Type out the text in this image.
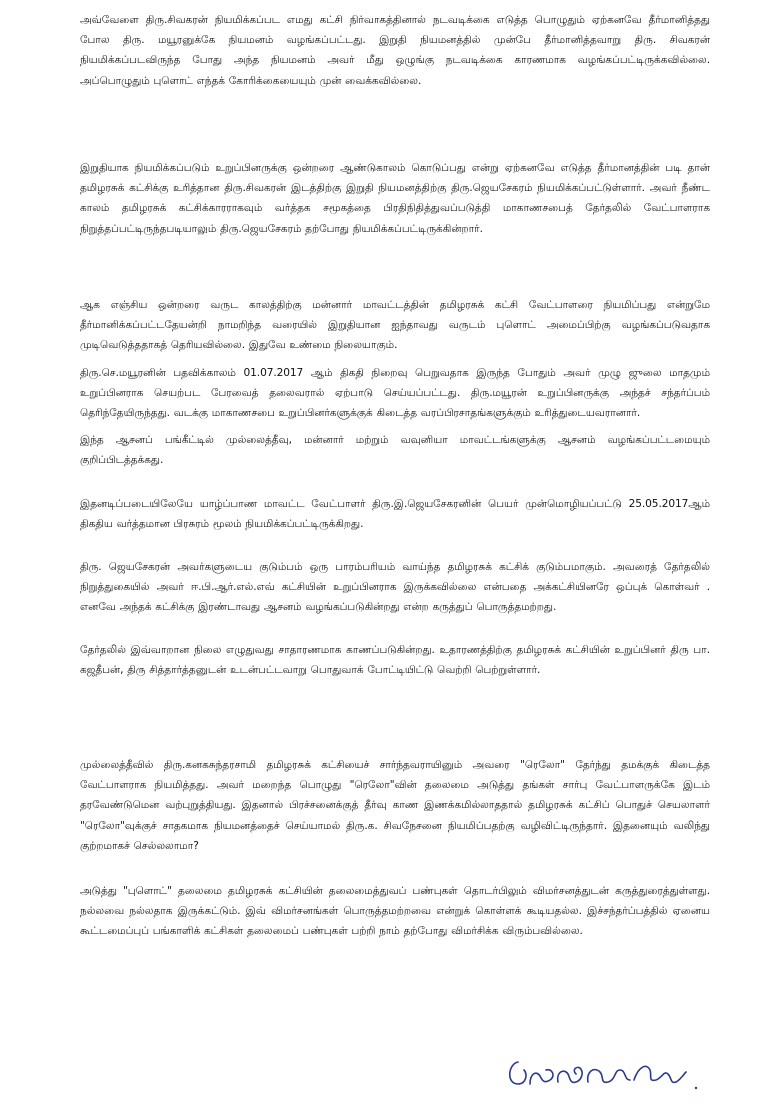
அவ்வேளை திரு.சிவகரன் நியமிக்கப்பட எமது கட்சி நிர்வாகத்தினால் நடவடிக்கை எடுத்த பொழுதும் ஏற்கனவே தீர்மானித்தது போல திரு. மயூரனுக்கே நியமனம் வழங்கப்பட்டது. இறுதி நியமனத்தில் முன்பே தீர்மானித்தவாறு திரு. சிவகரன் நியமிக்கப்படவிருந்த போது அந்த நியமனம் அவர் மீது ஒழுங்கு நடவடிக்கை காரணமாக வழங்கப்பட்டிருக்கவில்லை. அப்பொழுதும் புளொட் எந்தக் கோரிக்கையையும் முன் வைக்கவில்லை.

இறுதியாக நியமிக்கப்படும் உறுப்பினருக்கு ஒன்றரை ஆண்டுகாலம் கொடுப்பது என்று ஏற்கனவே எடுத்த தீர்மானத்தின் படி தான் தமிழரசுக் கட்சிக்கு உரித்தான திரு.சிவகரன் இடத்திற்கு இறுதி நியமனத்திற்கு திரு.ஜெயசேகரம் நியமிக்கப்பட்டுள்ளார். அவர் நீண்ட காலம் தமிழரசுக் கட்சிக்காரராகவும் வர்த்தக சமூகத்தை பிரதிநிதித்துவப்படுத்தி மாகாணசபைத் தேர்தலில் வேட்பாளராக நிறுத்தப்பட்டிருந்தபடியாலும் திரு.ஜெயசேகரம் தற்போது நியமிக்கப்பட்டிருக்கின்றார்.

ஆக எஞ்சிய ஒன்றரை வருட காலத்திற்கு மன்னார் மாவட்டத்தின் தமிழரசுக் கட்சி வேட்பாளரை நியமிப்பது என்றுமே தீர்மானிக்கப்பட்டதேயன்றி நாமறிந்த வரையில் இறுதியான ஐந்தாவது வருடம் புளொட் அமைப்பிற்கு வழங்கப்படுவதாக முடிவெடுத்ததாகத் தெரியவில்லை. இதுவே உண்மை நிலையாகும்.

திரு.செ.மயூரனின் பதவிக்காலம் 01.07.2017 ஆம் திகதி நிறைவு பெறுவதாக இருந்த போதும் அவர் முழு ஜுலை மாதமும் உறுப்பினராக செயற்பட பேரவைத் தலைவரால் ஏற்பாடு செய்யப்பட்டது. திரு.மயூரன் உறுப்பினருக்கு அந்தச் சந்தர்ப்பம் தெரிந்தேயிருந்தது. வடக்கு மாகாணசபை உறுப்பினர்களுக்குக் கிடைத்த வரப்பிரசாதங்களுக்கும் உரித்துடையவரானார்.

இந்த ஆசனப் பங்கீட்டில் முல்லைத்தீவு, மன்னார் மற்றும் வவுனியா மாவட்டங்களுக்கு ஆசனம் வழங்கப்பட்டமையும் குறிப்பிடத்தக்கது.

இதனடிப்படையிலேயே யாழ்ப்பாண மாவட்ட வேட்பாளர் திரு.இ.ஜெயசேகரனின் பெயர் முன்மொழியப்பட்டு 25.05.2017ஆம் திகதிய வர்த்தமான பிரசுரம் மூலம் நியமிக்கப்பட்டிருக்கிறது.

திரு. ஜெயசேகரன் அவர்களுடைய குடும்பம் ஒரு பாரம்பரியம் வாய்ந்த தமிழரசுக் கட்சிக் குடும்பமாகும். அவரைத் தேர்தலில் நிறுத்துகையில் அவர் ஈ.பி.ஆர்.எல்.எவ் கட்சியின் உறுப்பினராக இருக்கவில்லை என்பதை அக்கட்சியினரே ஒப்புக் கொள்வர் . எனவே அந்தக் கட்சிக்கு இரண்டாவது ஆசனம் வழங்கப்படுகின்றது என்ற கருத்துப் பொருத்தமற்றது.

தேர்தலில் இவ்வாறான நிலை எழுதுவது சாதாரணமாக காணப்படுகின்றது. உதாரணத்திற்கு தமிழரசுக் கட்சியின் உறுப்பினர் திரு பா. கஜதீபன், திரு சித்தார்த்தனுடன் உடன்பட்டவாறு பொதுவாக் போட்டியிட்டு வெற்றி பெற்றுள்ளார்.

முல்லைத்தீவில் திரு.கனகசுந்தரசாமி தமிழரசுக் கட்சியைச் சார்ந்தவராயினும் அவரை "ரெலோ" தேர்ந்து தமக்குக் கிடைத்த வேட்பாளராக நியமித்தது. அவர் மறைந்த பொழுது "ரெலோ"வின் தலைமை அடுத்து தங்கள் சார்பு வேட்பாளருக்கே இடம் தரவேண்டுமென வற்புறுத்தியது. இதனால் பிரச்சனைக்குத் தீர்வு காண இணக்கமில்லாததால் தமிழரசுக் கட்சிப் பொதுச் செயலாளர் "ரெலோ"வுக்குச் சாதகமாக நியமனத்தைச் செய்யாமல் திரு.க. சிவநேசனை நியமிப்பதற்கு வழிவிட்டிருந்தார். இதனையும் வலிந்து குற்றமாகச் செல்லலாமா?

அடுத்து "புளொட்" தலைமை தமிழரசுக் கட்சியின் தலைமைத்துவப் பண்புகள் தொடர்பிலும் விமர்சனத்துடன் கருத்துரைத்துள்ளது. நல்லவை நல்லதாக இருக்கட்டும். இவ் விமர்சனங்கள் பொருத்தமற்றவை என்றுக் கொள்ளக் கூடியதல்ல. இச்சந்தர்ப்பத்தில் ஏனைய கூட்டமைப்புப் பங்காளிக் கட்சிகள் தலைமைப் பண்புகள் பற்றி நாம் தற்போது விமர்சிக்க விரும்பவில்லை.
